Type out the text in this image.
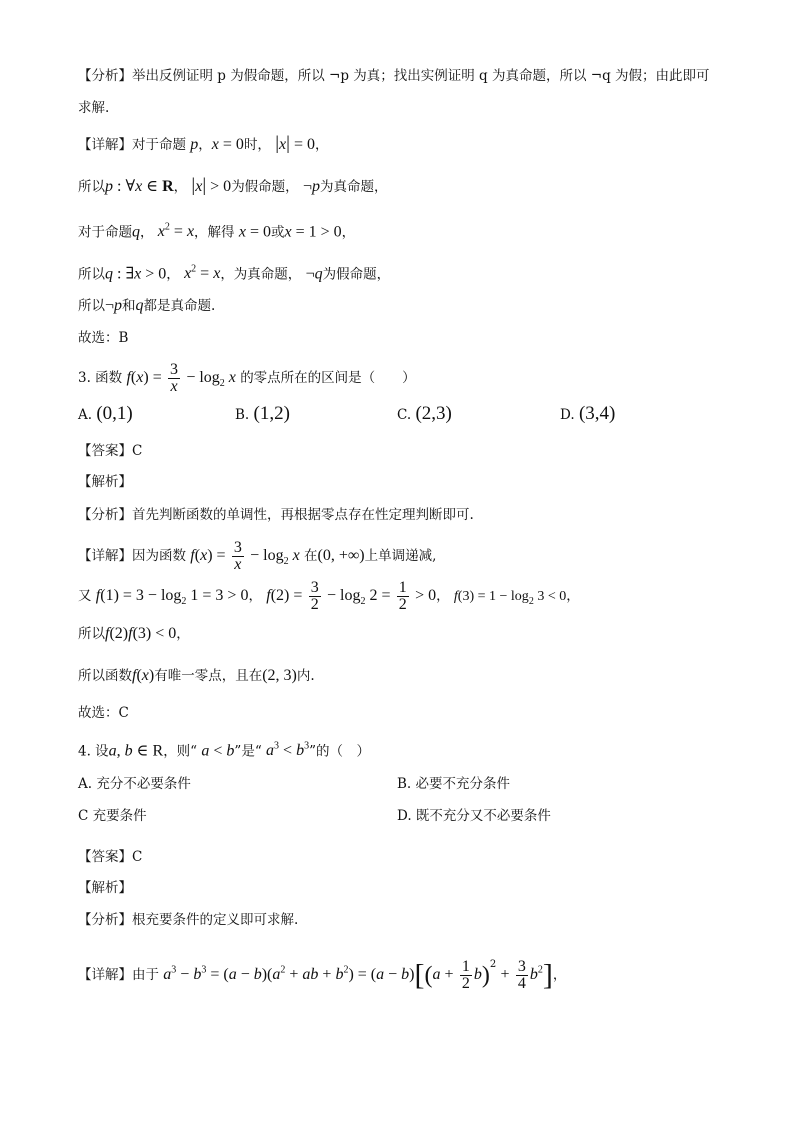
【分析】举出反例证明 p 为假命题，所以 ¬p 为真；找出实例证明 q 为真命题，所以 ¬q 为假；由此即可
求解.
【详解】对于命题 p，x = 0时， |x| = 0，
所以p : ∀x ∈ R， |x| > 0为假命题， ¬p为真命题，
对于命题q， $x^2 = x$，解得 x = 0或x = 1 > 0，
所以q : ∃x > 0， $x^2 = x$，为真命题， ¬q为假命题，
所以¬p和q都是真命题.
故选：B
3. 函数 $f(x) = \frac{3}{x} - \log_2 x$ 的零点所在的区间是（　　）
A. (0,1)	B. (1,2)	C. (2,3)	D. (3,4)
【答案】C
【解析】
【分析】首先判断函数的单调性，再根据零点存在性定理判断即可.
【详解】因为函数 $f(x) = \frac{3}{x} - \log_2 x$ 在(0, +∞)上单调递减,
又 $f(1) = 3 - \log_2 1 = 3 > 0$， $f(2) = \frac{3}{2} - \log_2 2 = \frac{1}{2} > 0$， $f(3) = 1 - \log_2 3 < 0$，
所以f(2)f(3) < 0，
所以函数f(x)有唯一零点，且在(2, 3)内.
故选：C
4. 设a, b ∈ R，则“ a < b”是“ $a^3 < b^3$”的（　）
A. 充分不必要条件	B. 必要不充分条件
C 充要条件	D. 既不充分又不必要条件
【答案】C
【解析】
【分析】根充要条件的定义即可求解.
【详解】由于 $a^3 - b^3 = (a - b)(a^2$ + ab + $b^2) = (a - b)[(a + \frac{1}{2} b)^2 + \frac{3}{4} b^2]$，
